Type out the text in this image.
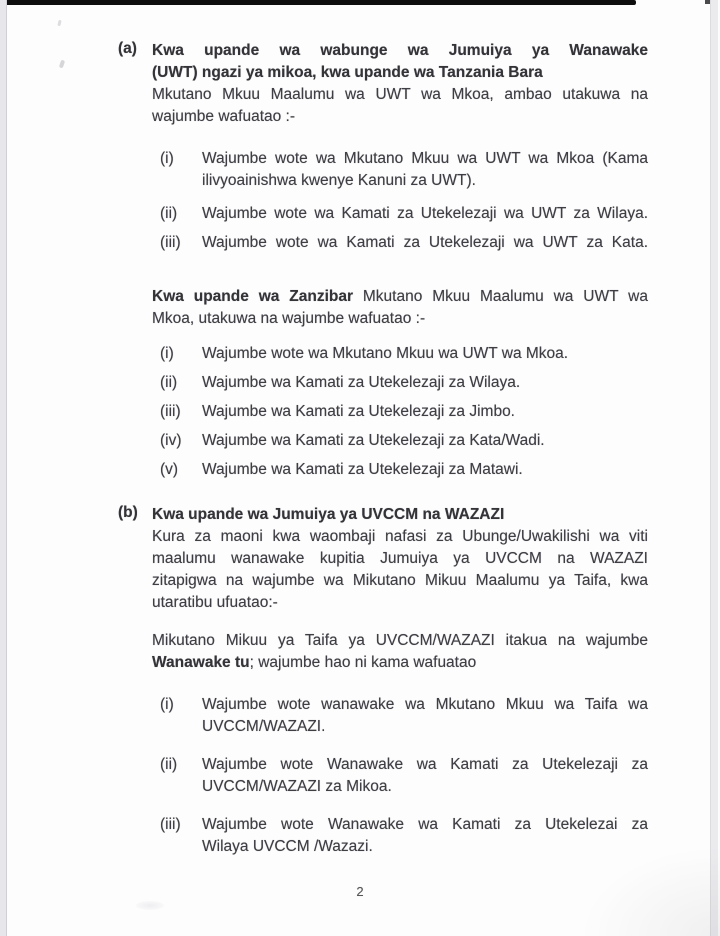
(a) Kwa upande wa wabunge wa Jumuiya ya Wanawake
(UWT) ngazi ya mikoa, kwa upande wa Tanzania Bara
Mkutano Mkuu Maalumu wa UWT wa Mkoa, ambao utakuwa na
wajumbe wafuatao :-
(i)	Wajumbe wote wa Mkutano Mkuu wa UWT wa Mkoa (Kama
ilivyoainishwa kwenye Kanuni za UWT).
(ii)	Wajumbe wote wa Kamati za Utekelezaji wa UWT za Wilaya.
(iii)	Wajumbe wote wa Kamati za Utekelezaji wa UWT za Kata.
Kwa upande wa Zanzibar Mkutano Mkuu Maalumu wa UWT wa
Mkoa, utakuwa na wajumbe wafuatao :-
(i)	Wajumbe wote wa Mkutano Mkuu wa UWT wa Mkoa.
(ii)	Wajumbe wa Kamati za Utekelezaji za Wilaya.
(iii)	Wajumbe wa Kamati za Utekelezaji za Jimbo.
(iv)	Wajumbe wa Kamati za Utekelezaji za Kata/Wadi.
(v)	Wajumbe wa Kamati za Utekelezaji za Matawi.
(b) Kwa upande wa Jumuiya ya UVCCM na WAZAZI
Kura za maoni kwa waombaji nafasi za Ubunge/Uwakilishi wa viti
maalumu wanawake kupitia Jumuiya ya UVCCM na WAZAZI
zitapigwa na wajumbe wa Mikutano Mikuu Maalumu ya Taifa, kwa
utaratibu ufuatao:-
Mikutano Mikuu ya Taifa ya UVCCM/WAZAZI itakua na wajumbe
Wanawake tu; wajumbe hao ni kama wafuatao
(i)	Wajumbe wote wanawake wa Mkutano Mkuu wa Taifa wa
UVCCM/WAZAZI.
(ii)	Wajumbe wote Wanawake wa Kamati za Utekelezaji za
UVCCM/WAZAZI za Mikoa.
(iii)	Wajumbe wote Wanawake wa Kamati za Utekelezai za
Wilaya UVCCM /Wazazi.
2
